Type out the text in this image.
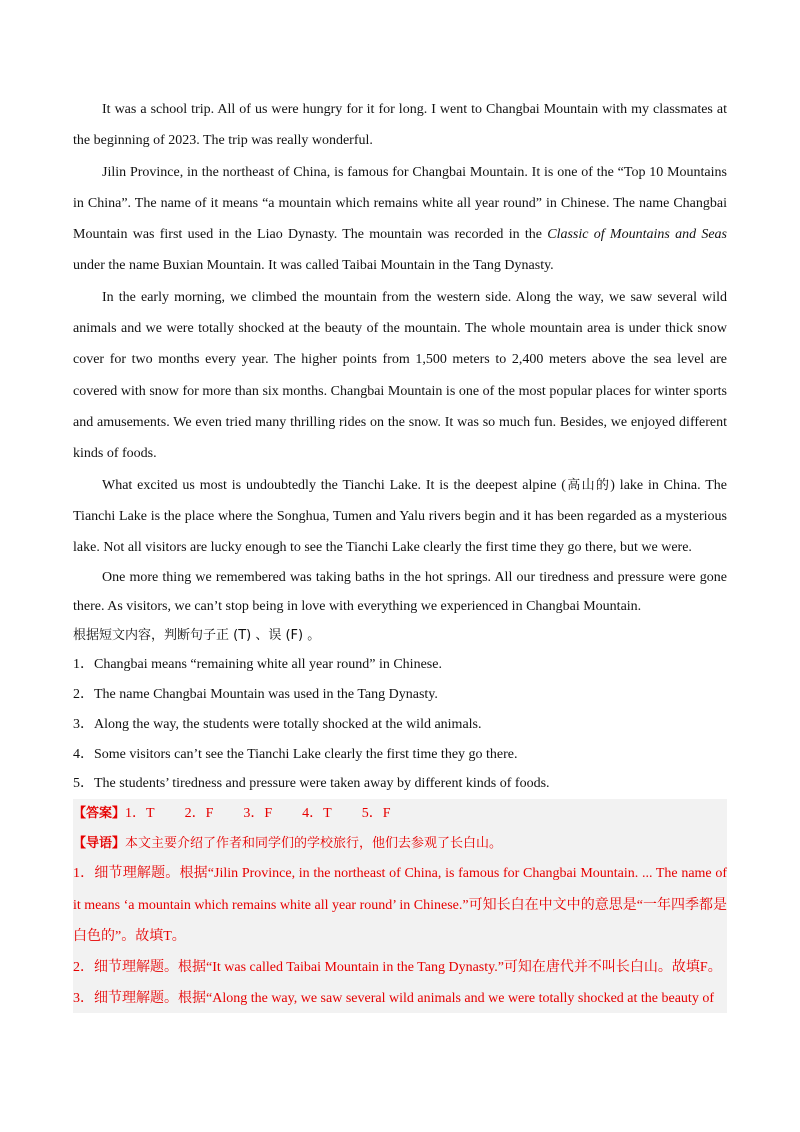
It was a school trip. All of us were hungry for it for long. I went to Changbai Mountain with my classmates at the beginning of 2023. The trip was really wonderful.

Jilin Province, in the northeast of China, is famous for Changbai Mountain. It is one of the “Top 10 Mountains in China”. The name of it means “a mountain which remains white all year round” in Chinese. The name Changbai Mountain was first used in the Liao Dynasty. The mountain was recorded in the Classic of Mountains and Seas under the name Buxian Mountain. It was called Taibai Mountain in the Tang Dynasty.

In the early morning, we climbed the mountain from the western side. Along the way, we saw several wild animals and we were totally shocked at the beauty of the mountain. The whole mountain area is under thick snow cover for two months every year. The higher points from 1,500 meters to 2,400 meters above the sea level are covered with snow for more than six months. Changbai Mountain is one of the most popular places for winter sports and amusements. We even tried many thrilling rides on the snow. It was so much fun. Besides, we enjoyed different kinds of foods.

What excited us most is undoubtedly the Tianchi Lake. It is the deepest alpine (高山的) lake in China. The Tianchi Lake is the place where the Songhua, Tumen and Yalu rivers begin and it has been regarded as a mysterious lake. Not all visitors are lucky enough to see the Tianchi Lake clearly the first time they go there, but we were.

One more thing we remembered was taking baths in the hot springs. All our tiredness and pressure were gone there. As visitors, we can’t stop being in love with everything we experienced in Changbai Mountain.

根据短文内容，判断句子正 (T) 、误 (F) 。

1．Changbai means “remaining white all year round” in Chinese.

2．The name Changbai Mountain was used in the Tang Dynasty.

3．Along the way, the students were totally shocked at the wild animals.

4．Some visitors can’t see the Tianchi Lake clearly the first time they go there.

5．The students’ tiredness and pressure were taken away by different kinds of foods.

【答案】1．T 2．F 3．F 4．T 5．F

【导语】本文主要介绍了作者和同学们的学校旅行，他们去参观了长白山。

1．细节理解题。根据“Jilin Province, in the northeast of China, is famous for Changbai Mountain. ... The name of it means ‘a mountain which remains white all year round’ in Chinese.”可知长白在中文中的意思是“一年四季都是白色的”。故填T。

2．细节理解题。根据“It was called Taibai Mountain in the Tang Dynasty.”可知在唐代并不叫长白山。故填F。

3．细节理解题。根据“Along the way, we saw several wild animals and we were totally shocked at the beauty of
